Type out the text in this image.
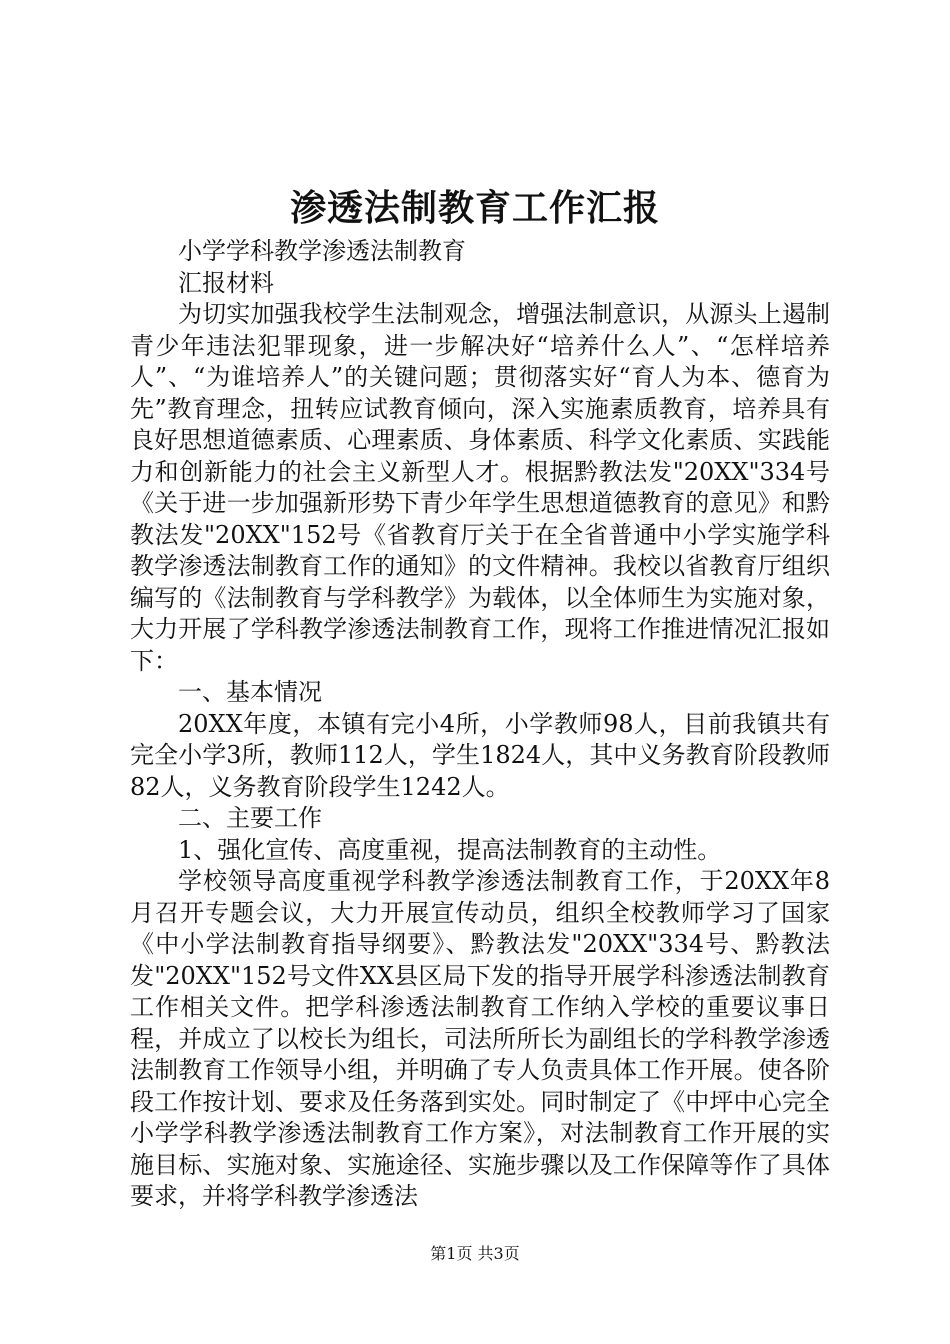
渗透法制教育工作汇报

小学学科教学渗透法制教育

汇报材料

为切实加强我校学生法制观念，增强法制意识，从源头上遏制青少年违法犯罪现象，进一步解决好“培养什么人”、“怎样培养人”、“为谁培养人”的关键问题；贯彻落实好“育人为本、德育为先”教育理念，扭转应试教育倾向，深入实施素质教育，培养具有良好思想道德素质、心理素质、身体素质、科学文化素质、实践能力和创新能力的社会主义新型人才。根据黔教法发"20XX"334号《关于进一步加强新形势下青少年学生思想道德教育的意见》和黔教法发"20XX"152号《省教育厅关于在全省普通中小学实施学科教学渗透法制教育工作的通知》的文件精神。我校以省教育厅组织编写的《法制教育与学科教学》为载体，以全体师生为实施对象，大力开展了学科教学渗透法制教育工作，现将工作推进情况汇报如下：

一、基本情况

20XX年度，本镇有完小4所，小学教师98人，目前我镇共有完全小学3所，教师112人，学生1824人，其中义务教育阶段教师82人，义务教育阶段学生1242人。

二、主要工作

1、强化宣传、高度重视，提高法制教育的主动性。

学校领导高度重视学科教学渗透法制教育工作，于20XX年8月召开专题会议，大力开展宣传动员，组织全校教师学习了国家《中小学法制教育指导纲要》、黔教法发"20XX"334号、黔教法发"20XX"152号文件XX县区局下发的指导开展学科渗透法制教育工作相关文件。把学科渗透法制教育工作纳入学校的重要议事日程，并成立了以校长为组长，司法所所长为副组长的学科教学渗透法制教育工作领导小组，并明确了专人负责具体工作开展。使各阶段工作按计划、要求及任务落到实处。同时制定了《中坪中心完全小学学科教学渗透法制教育工作方案》，对法制教育工作开展的实施目标、实施对象、实施途径、实施步骤以及工作保障等作了具体要求，并将学科教学渗透法

第1页 共3页
